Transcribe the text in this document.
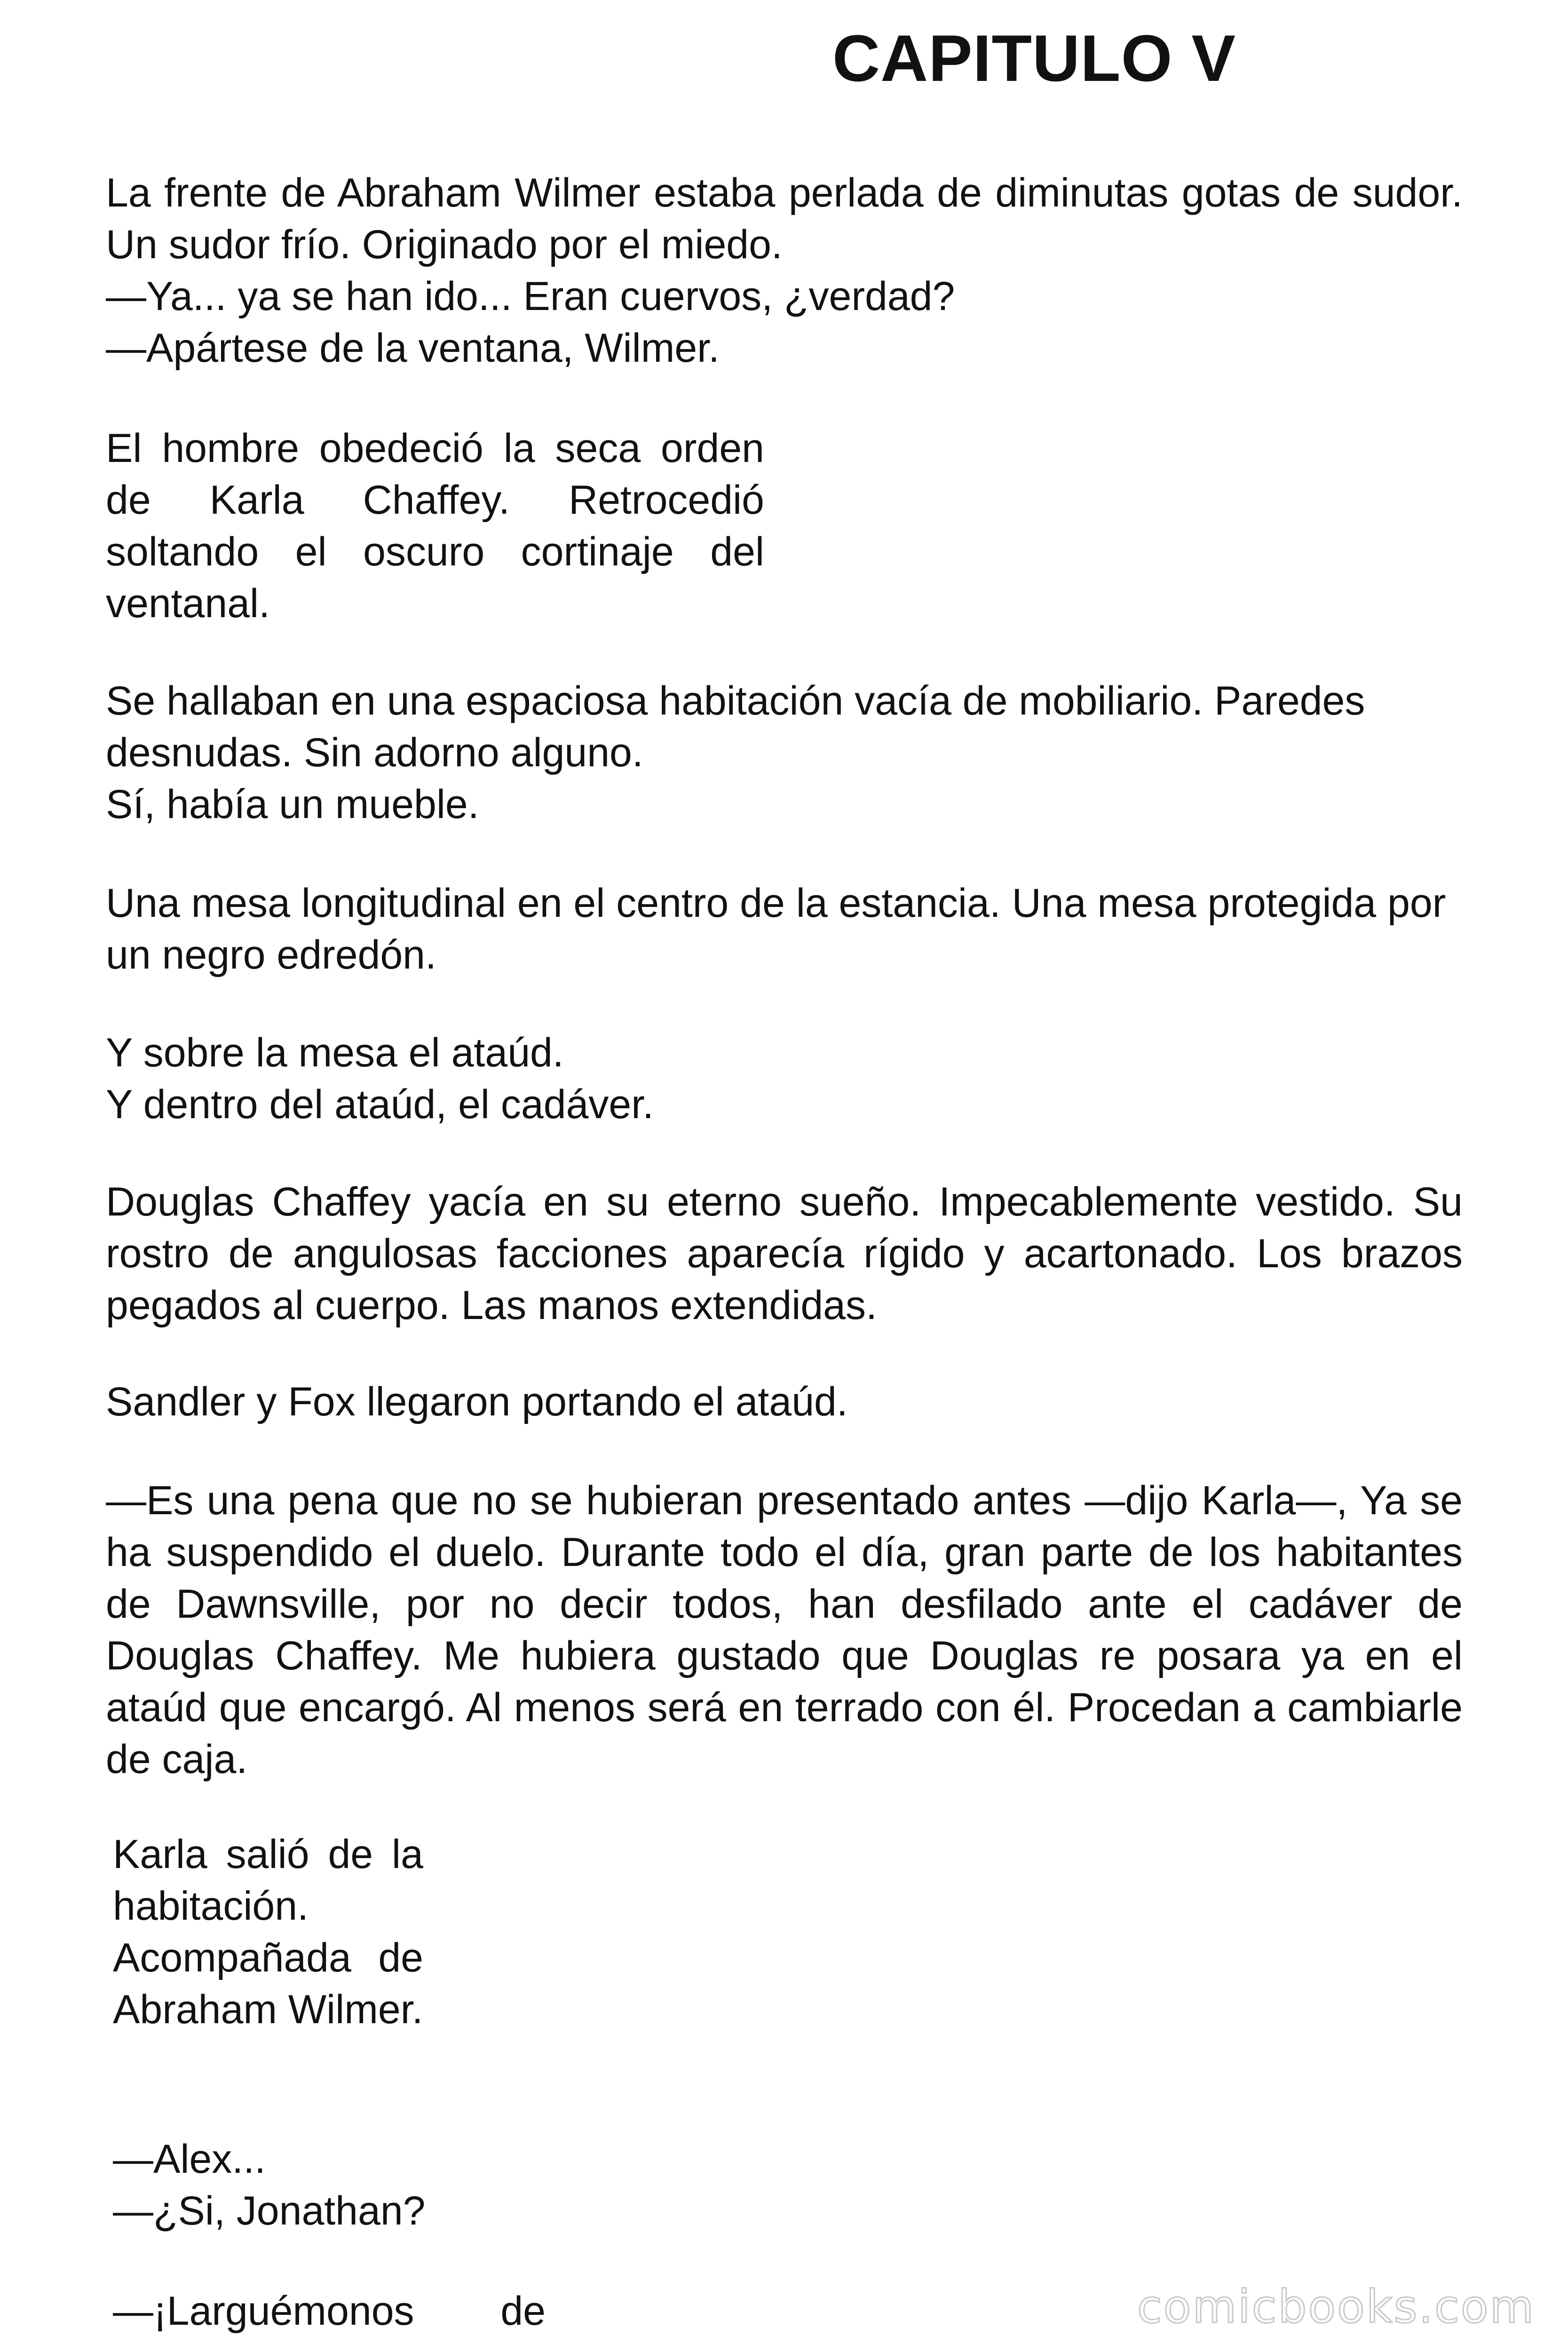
CAPITULO V

La frente de Abraham Wilmer estaba perlada de diminutas gotas de sudor. Un sudor frío. Originado por el miedo.

—Ya... ya se han ido... Eran cuervos, ¿verdad?

—Apártese de la ventana, Wilmer.

El hombre obedeció la seca orden de Karla Chaffey. Retrocedió soltando el oscuro cortinaje del ventanal.

Se hallaban en una espaciosa habitación vacía de mobiliario. Paredes desnudas. Sin adorno alguno.

Sí, había un mueble.

Una mesa longitudinal en el centro de la estancia. Una mesa protegida por un negro edredón.

Y sobre la mesa el ataúd.

Y dentro del ataúd, el cadáver.

Douglas Chaffey yacía en su eterno sueño. Impecablemente vestido. Su rostro de angulosas facciones aparecía rígido y acartonado. Los brazos pegados al cuerpo. Las manos extendidas.

Sandler y Fox llegaron portando el ataúd.

—Es una pena que no se hubieran presentado antes —dijo Karla—, Ya se ha suspendido el duelo. Durante todo el día, gran parte de los habitantes de Dawnsville, por no decir todos, han desfilado ante el cadáver de Douglas Chaffey. Me hubiera gustado que Douglas re posara ya en el ataúd que encargó. Al menos será en terrado con él. Procedan a cambiarle de caja.

Karla salió de la habitación. Acompañada de Abraham Wilmer.

—Alex...

—¿Si, Jonathan?

—¡Larguémonos de	comicbooks.com
